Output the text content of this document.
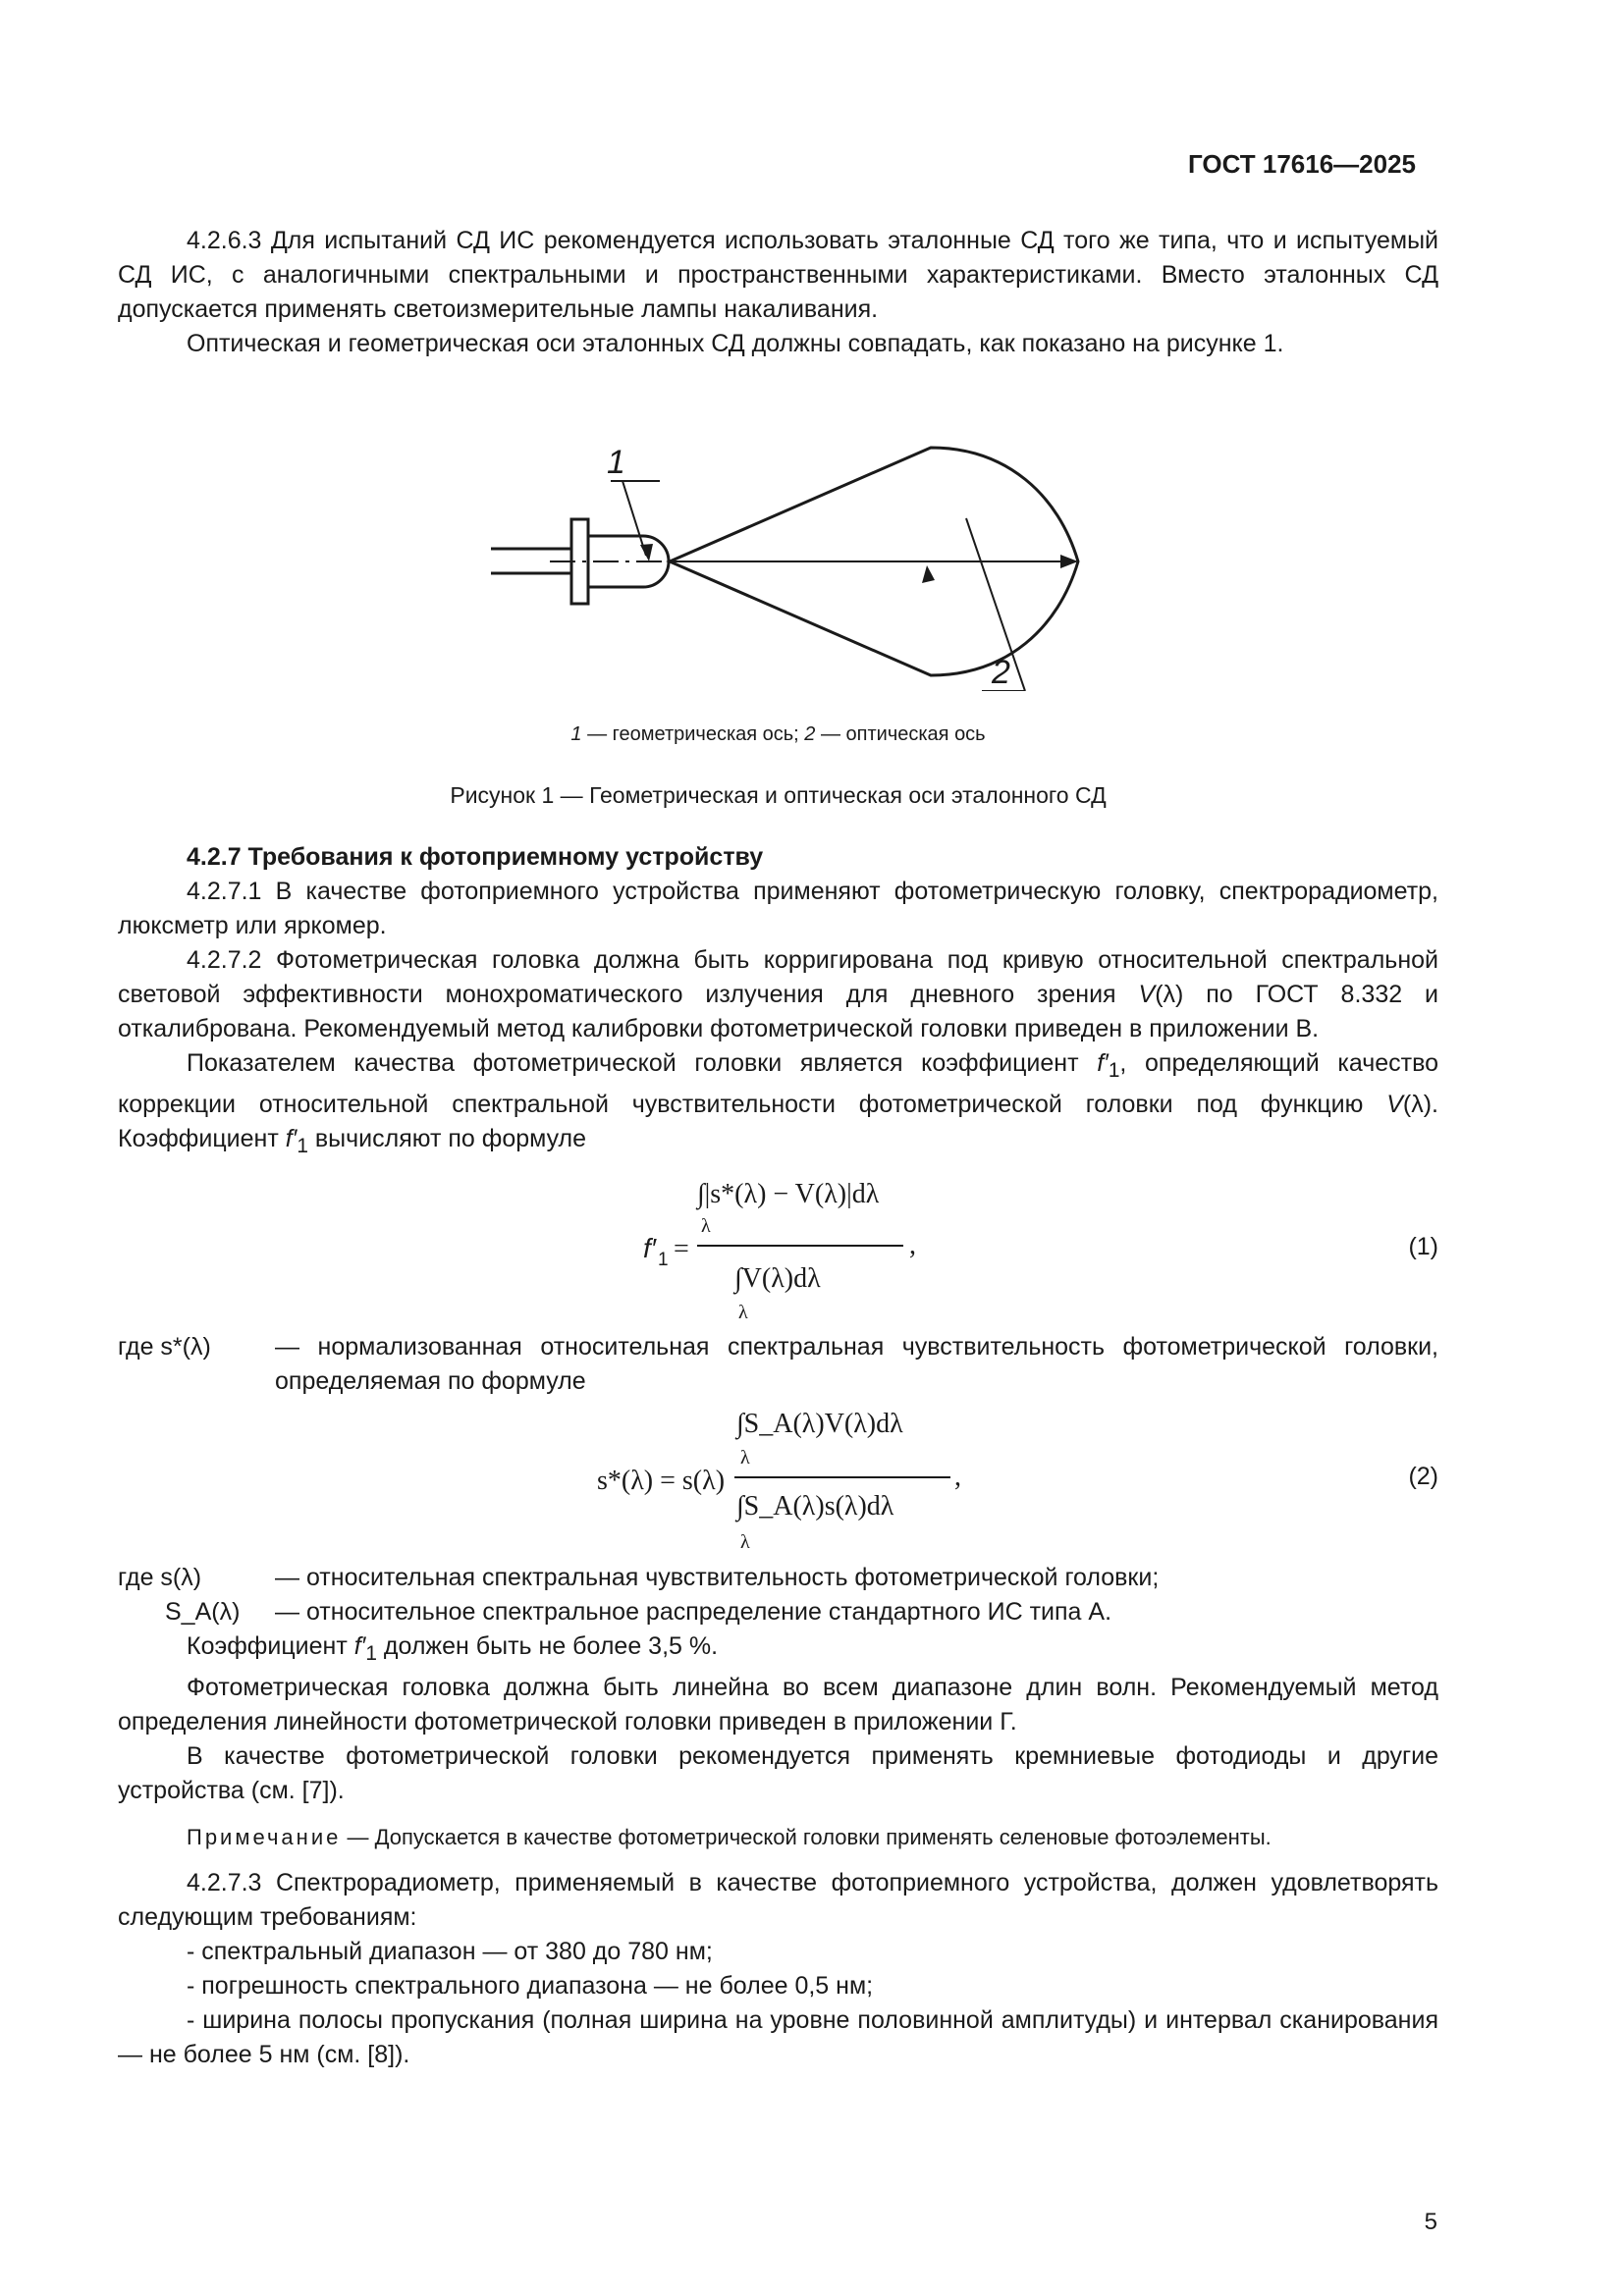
ГОСТ 17616—2025

4.2.6.3 Для испытаний СД ИС рекомендуется использовать эталонные СД того же типа, что и испытуемый СД ИС, с аналогичными спектральными и пространственными характеристиками. Вместо эталонных СД допускается применять светоизмерительные лампы накаливания.

Оптическая и геометрическая оси эталонных СД должны совпадать, как показано на рисунке 1.

1
2
1 — геометрическая ось; 2 — оптическая ось
Рисунок 1 — Геометрическая и оптическая оси эталонного СД

4.2.7 Требования к фотоприемному устройству

4.2.7.1 В качестве фотоприемного устройства применяют фотометрическую головку, спектрорадиометр, люксметр или яркомер.

4.2.7.2 Фотометрическая головка должна быть корригирована под кривую относительной спектральной световой эффективности монохроматического излучения для дневного зрения V(λ) по ГОСТ 8.332 и откалибрована. Рекомендуемый метод калибровки фотометрической головки приведен в приложении В.

Показателем качества фотометрической головки является коэффициент $f'_1$, определяющий качество коррекции относительной спектральной чувствительности фотометрической головки под функцию V(λ). Коэффициент $f'_1$ вычисляют по формуле

f′ 1 =
∫|s*(λ) − V(λ)|dλ
λ
∫V(λ)dλ
λ
,	(1)
где s*(λ)	— нормализованная относительная спектральная чувствительность фотометрической головки, определяемая по формуле
s*(λ) = s(λ)
∫S_A(λ)V(λ)dλ
λ
∫S_A(λ)s(λ)dλ
λ
,	(2)
где s(λ)	— относительная спектральная чувствительность фотометрической головки;
S_A(λ)	— относительное спектральное распределение стандартного ИС типа А.

Коэффициент $f'_1$ должен быть не более 3,5 %.

Фотометрическая головка должна быть линейна во всем диапазоне длин волн. Рекомендуемый метод определения линейности фотометрической головки приведен в приложении Г.

В качестве фотометрической головки рекомендуется применять кремниевые фотодиоды и другие устройства (см. [7]).

Примечание — Допускается в качестве фотометрической головки применять селеновые фотоэлементы.

4.2.7.3 Спектрорадиометр, применяемый в качестве фотоприемного устройства, должен удовлетворять следующим требованиям:

- спектральный диапазон — от 380 до 780 нм;

- погрешность спектрального диапазона — не более 0,5 нм;

- ширина полосы пропускания (полная ширина на уровне половинной амплитуды) и интервал сканирования — не более 5 нм (см. [8]).

5
